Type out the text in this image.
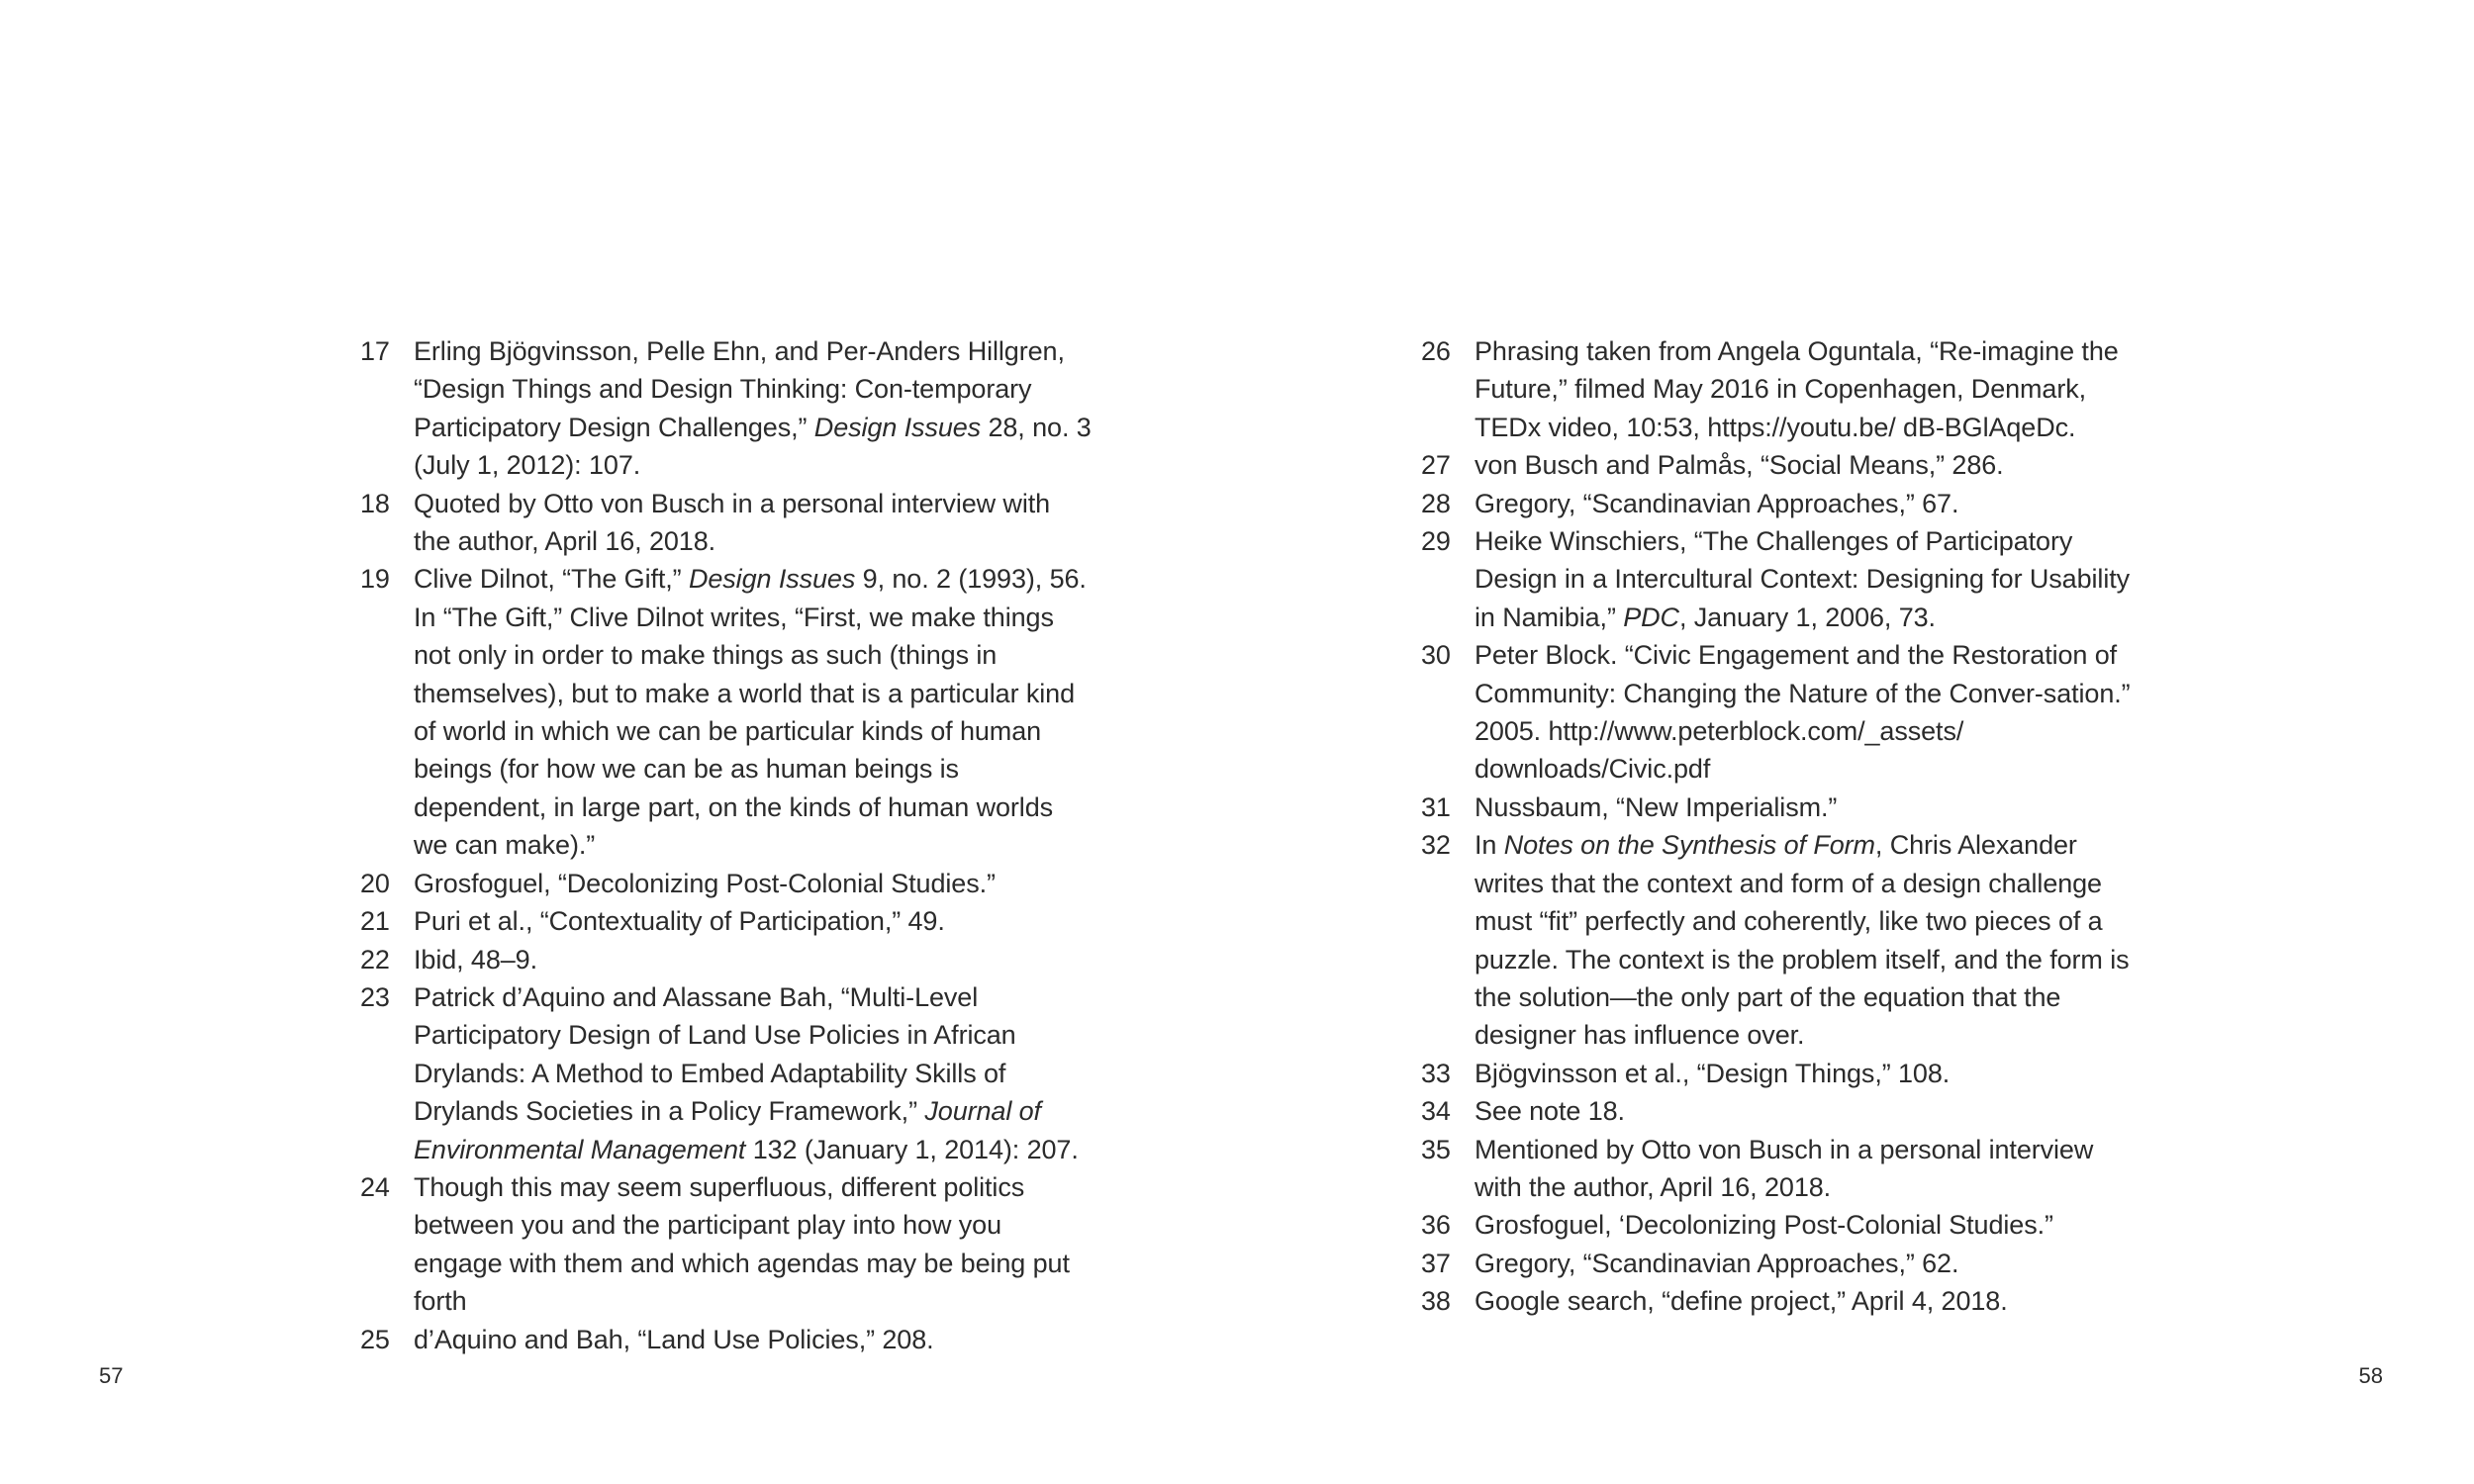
17 Erling Bjögvinsson, Pelle Ehn, and Per-Anders Hillgren, “Design Things and Design Thinking: Con-temporary Participatory Design Challenges,” Design Issues 28, no. 3 (July 1, 2012): 107.
18 Quoted by Otto von Busch in a personal interview with the author, April 16, 2018.
19 Clive Dilnot, “The Gift,” Design Issues 9, no. 2 (1993), 56. In “The Gift,” Clive Dilnot writes, “First, we make things not only in order to make things as such (things in themselves), but to make a world that is a particular kind of world in which we can be particular kinds of human beings (for how we can be as human beings is dependent, in large part, on the kinds of human worlds we can make).”
20 Grosfoguel, “Decolonizing Post-Colonial Studies.”
21 Puri et al., “Contextuality of Participation,” 49.
22 Ibid, 48–9.
23 Patrick d’Aquino and Alassane Bah, “Multi-Level Participatory Design of Land Use Policies in African Drylands: A Method to Embed Adaptability Skills of Drylands Societies in a Policy Framework,” Journal of Environmental Management 132 (January 1, 2014): 207.
24 Though this may seem superfluous, different politics between you and the participant play into how you engage with them and which agendas may be being put forth
25 d’Aquino and Bah, “Land Use Policies,” 208.
26 Phrasing taken from Angela Oguntala, “Re-imagine the Future,” filmed May 2016 in Copenhagen, Denmark, TEDx video, 10:53, https://youtu.be/ dB-BGlAqeDc.
27 von Busch and Palmås, “Social Means,” 286.
28 Gregory, “Scandinavian Approaches,” 67.
29 Heike Winschiers, “The Challenges of Participatory Design in a Intercultural Context: Designing for Usability in Namibia,” PDC, January 1, 2006, 73.
30 Peter Block. “Civic Engagement and the Restoration of Community: Changing the Nature of the Conver-sation.” 2005. http://www.peterblock.com/_assets/ downloads/Civic.pdf
31 Nussbaum, “New Imperialism.”
32 In Notes on the Synthesis of Form, Chris Alexander writes that the context and form of a design challenge must “fit” perfectly and coherently, like two pieces of a puzzle. The context is the problem itself, and the form is the solution—the only part of the equation that the designer has influence over.
33 Bjögvinsson et al., “Design Things,” 108.
34 See note 18.
35 Mentioned by Otto von Busch in a personal interview with the author, April 16, 2018.
36 Grosfoguel, ‘Decolonizing Post-Colonial Studies.”
37 Gregory, “Scandinavian Approaches,” 62.
38 Google search, “define project,” April 4, 2018.
57	58
